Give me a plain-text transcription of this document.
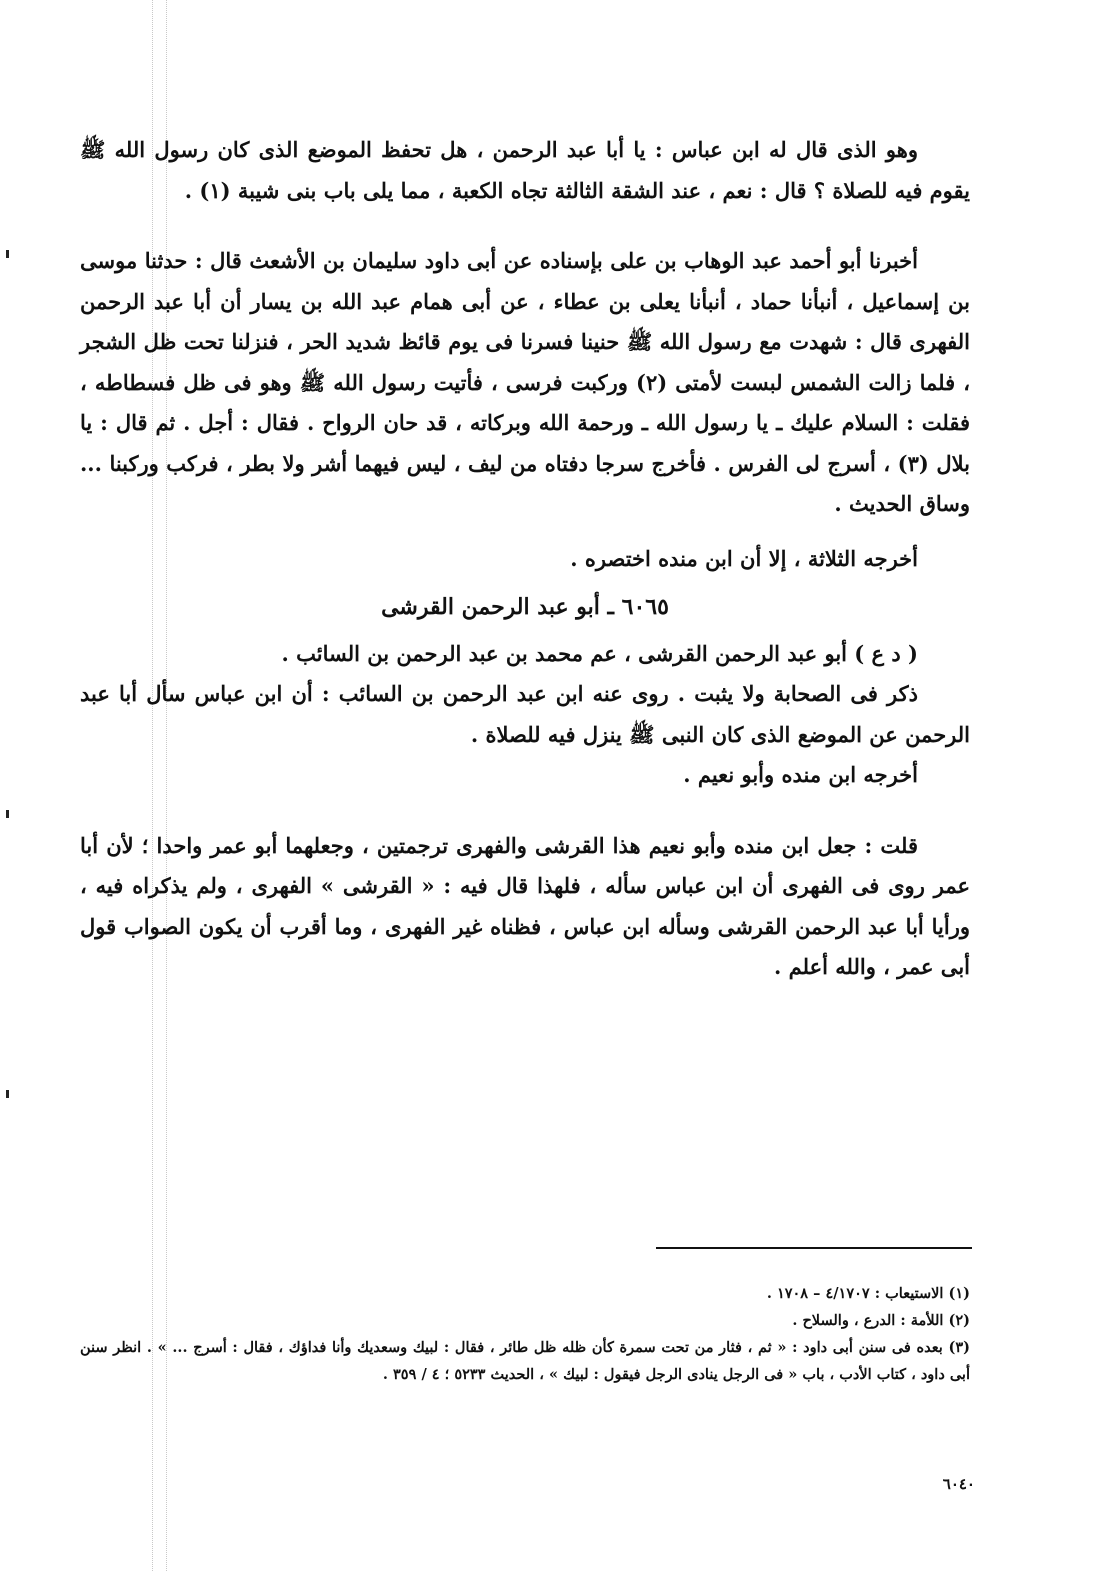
وهو الذى قال له ابن عباس : يا أبا عبد الرحمن ، هل تحفظ الموضع الذى كان رسول الله ﷺ يقوم فيه للصلاة ؟ قال : نعم ، عند الشقة الثالثة تجاه الكعبة ، مما يلى باب بنى شيبة (١) .

أخبرنا أبو أحمد عبد الوهاب بن على بإسناده عن أبى داود سليمان بن الأشعث قال : حدثنا موسى بن إسماعيل ، أنبأنا حماد ، أنبأنا يعلى بن عطاء ، عن أبى همام عبد الله بن يسار أن أبا عبد الرحمن الفهرى قال : شهدت مع رسول الله ﷺ حنينا فسرنا فى يوم قائظ شديد الحر ، فنزلنا تحت ظل الشجر ، فلما زالت الشمس لبست لأمتى (٢) وركبت فرسى ، فأتيت رسول الله ﷺ وهو فى ظل فسطاطه ، فقلت : السلام عليك ـ يا رسول الله ـ ورحمة الله وبركاته ، قد حان الرواح . فقال : أجل . ثم قال : يا بلال (٣) ، أسرج لى الفرس . فأخرج سرجا دفتاه من ليف ، ليس فيهما أشر ولا بطر ، فركب وركبنا ... وساق الحديث .

أخرجه الثلاثة ، إلا أن ابن منده اختصره .

٦٠٦٥ ـ أبو عبد الرحمن القرشى

( د ع ) أبو عبد الرحمن القرشى ، عم محمد بن عبد الرحمن بن السائب .

ذكر فى الصحابة ولا يثبت . روى عنه ابن عبد الرحمن بن السائب : أن ابن عباس سأل أبا عبد الرحمن عن الموضع الذى كان النبى ﷺ ينزل فيه للصلاة .

أخرجه ابن منده وأبو نعيم .

قلت : جعل ابن منده وأبو نعيم هذا القرشى والفهرى ترجمتين ، وجعلهما أبو عمر واحدا ؛ لأن أبا عمر روى فى الفهرى أن ابن عباس سأله ، فلهذا قال فيه : « القرشى » الفهرى ، ولم يذكراه فيه ، ورأيا أبا عبد الرحمن القرشى وسأله ابن عباس ، فظناه غير الفهرى ، وما أقرب أن يكون الصواب قول أبى عمر ، والله أعلم .

(١) الاستيعاب : ٤/١٧٠٧ – ١٧٠٨ .

(٢) اللأمة : الدرع ، والسلاح .

(٣) بعده فى سنن أبى داود : « ثم ، فثار من تحت سمرة كأن ظله ظل طائر ، فقال : لبيك وسعديك وأنا فداؤك ، فقال : أسرج ... » . انظر سنن أبى داود ، كتاب الأدب ، باب « فى الرجل ينادى الرجل فيقول : لبيك » ، الحديث ٥٢٣٣ ؛ ٤ / ٣٥٩ .

٦٠٤٠
